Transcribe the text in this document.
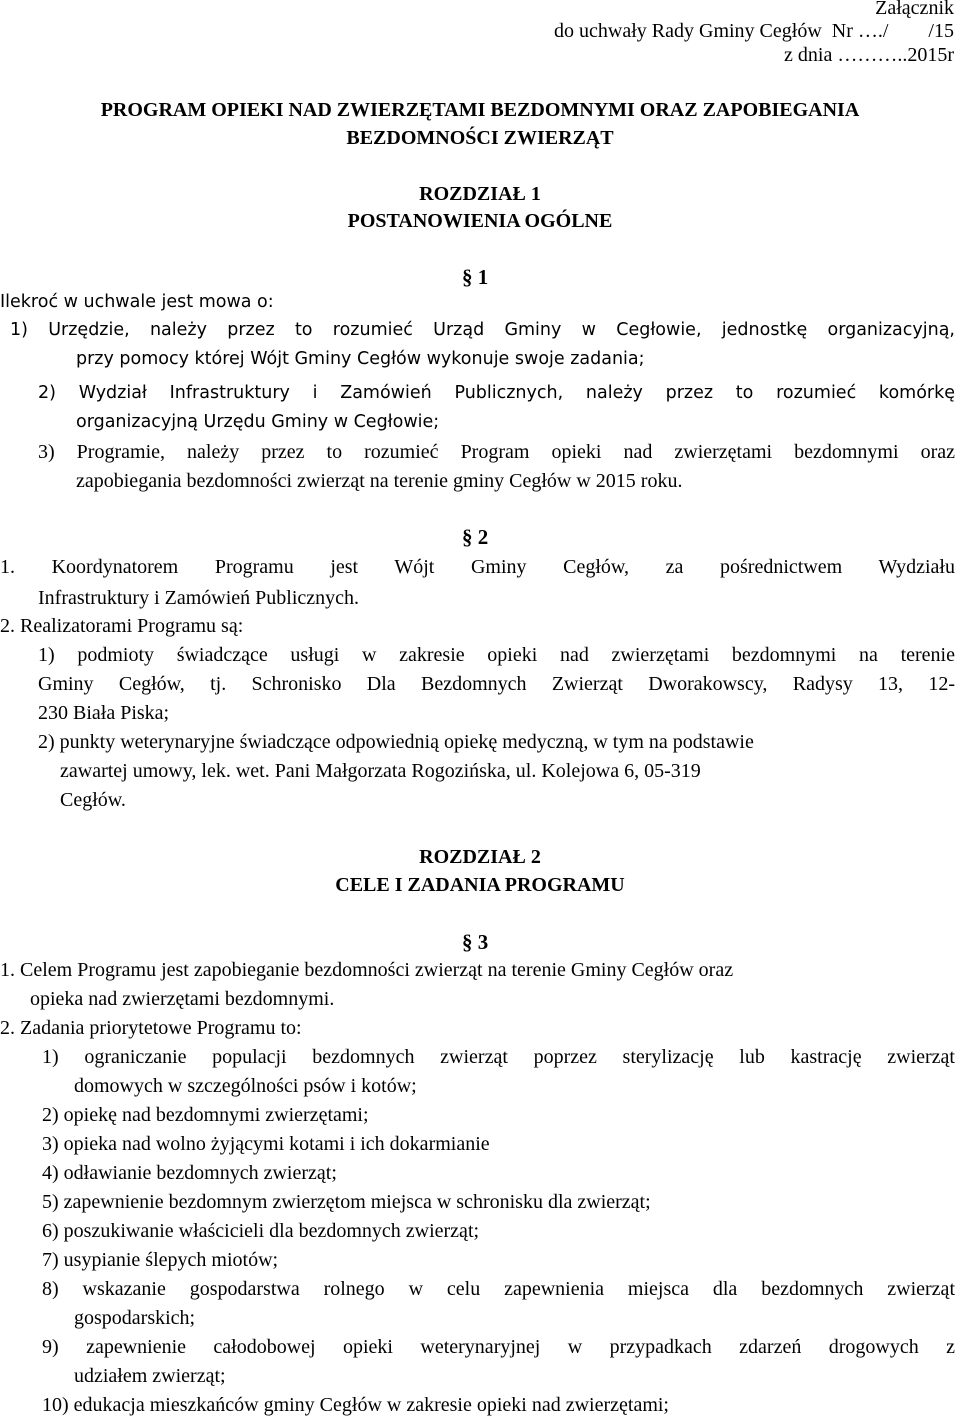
Załącznik
do uchwały Rady Gminy Cegłów  Nr …./        /15
z dnia ………..2015r
PROGRAM OPIEKI NAD ZWIERZĘTAMI BEZDOMNYMI ORAZ ZAPOBIEGANIA
BEZDOMNOŚCI ZWIERZĄT
ROZDZIAŁ 1
POSTANOWIENIA OGÓLNE
§ 1
Ilekroć w uchwale jest mowa o:
1) Urzędzie, należy przez to rozumieć Urząd Gminy w Cegłowie, jednostkę organizacyjną,
przy pomocy której Wójt Gminy Cegłów wykonuje swoje zadania;
2) Wydział Infrastruktury i Zamówień Publicznych, należy przez to rozumieć komórkę
organizacyjną Urzędu Gminy w Cegłowie;
3) Programie, należy przez to rozumieć Program opieki nad zwierzętami bezdomnymi oraz
zapobiegania bezdomności zwierząt na terenie gminy Cegłów w 2015 roku.
§ 2
1. Koordynatorem Programu jest Wójt Gminy Cegłów, za pośrednictwem Wydziału
Infrastruktury i Zamówień Publicznych.
2. Realizatorami Programu są:
1) podmioty świadczące usługi w zakresie opieki nad zwierzętami bezdomnymi na terenie
Gminy Cegłów, tj. Schronisko Dla Bezdomnych Zwierząt Dworakowscy, Radysy 13, 12-
230 Biała Piska;
2) punkty weterynaryjne świadczące odpowiednią opiekę medyczną, w tym na podstawie
zawartej umowy, lek. wet. Pani Małgorzata Rogozińska, ul. Kolejowa 6, 05-319
Cegłów.
ROZDZIAŁ 2
CELE I ZADANIA PROGRAMU
§ 3
1. Celem Programu jest zapobieganie bezdomności zwierząt na terenie Gminy Cegłów oraz
opieka nad zwierzętami bezdomnymi.
2. Zadania priorytetowe Programu to:
1) ograniczanie populacji bezdomnych zwierząt poprzez sterylizację lub kastrację zwierząt
domowych w szczególności psów i kotów;
2) opiekę nad bezdomnymi zwierzętami;
3) opieka nad wolno żyjącymi kotami i ich dokarmianie
4) odławianie bezdomnych zwierząt;
5) zapewnienie bezdomnym zwierzętom miejsca w schronisku dla zwierząt;
6) poszukiwanie właścicieli dla bezdomnych zwierząt;
7) usypianie ślepych miotów;
8) wskazanie gospodarstwa rolnego w celu zapewnienia miejsca dla bezdomnych zwierząt
gospodarskich;
9) zapewnienie całodobowej opieki weterynaryjnej w przypadkach zdarzeń drogowych z
udziałem zwierząt;
10) edukacja mieszkańców gminy Cegłów w zakresie opieki nad zwierzętami;
